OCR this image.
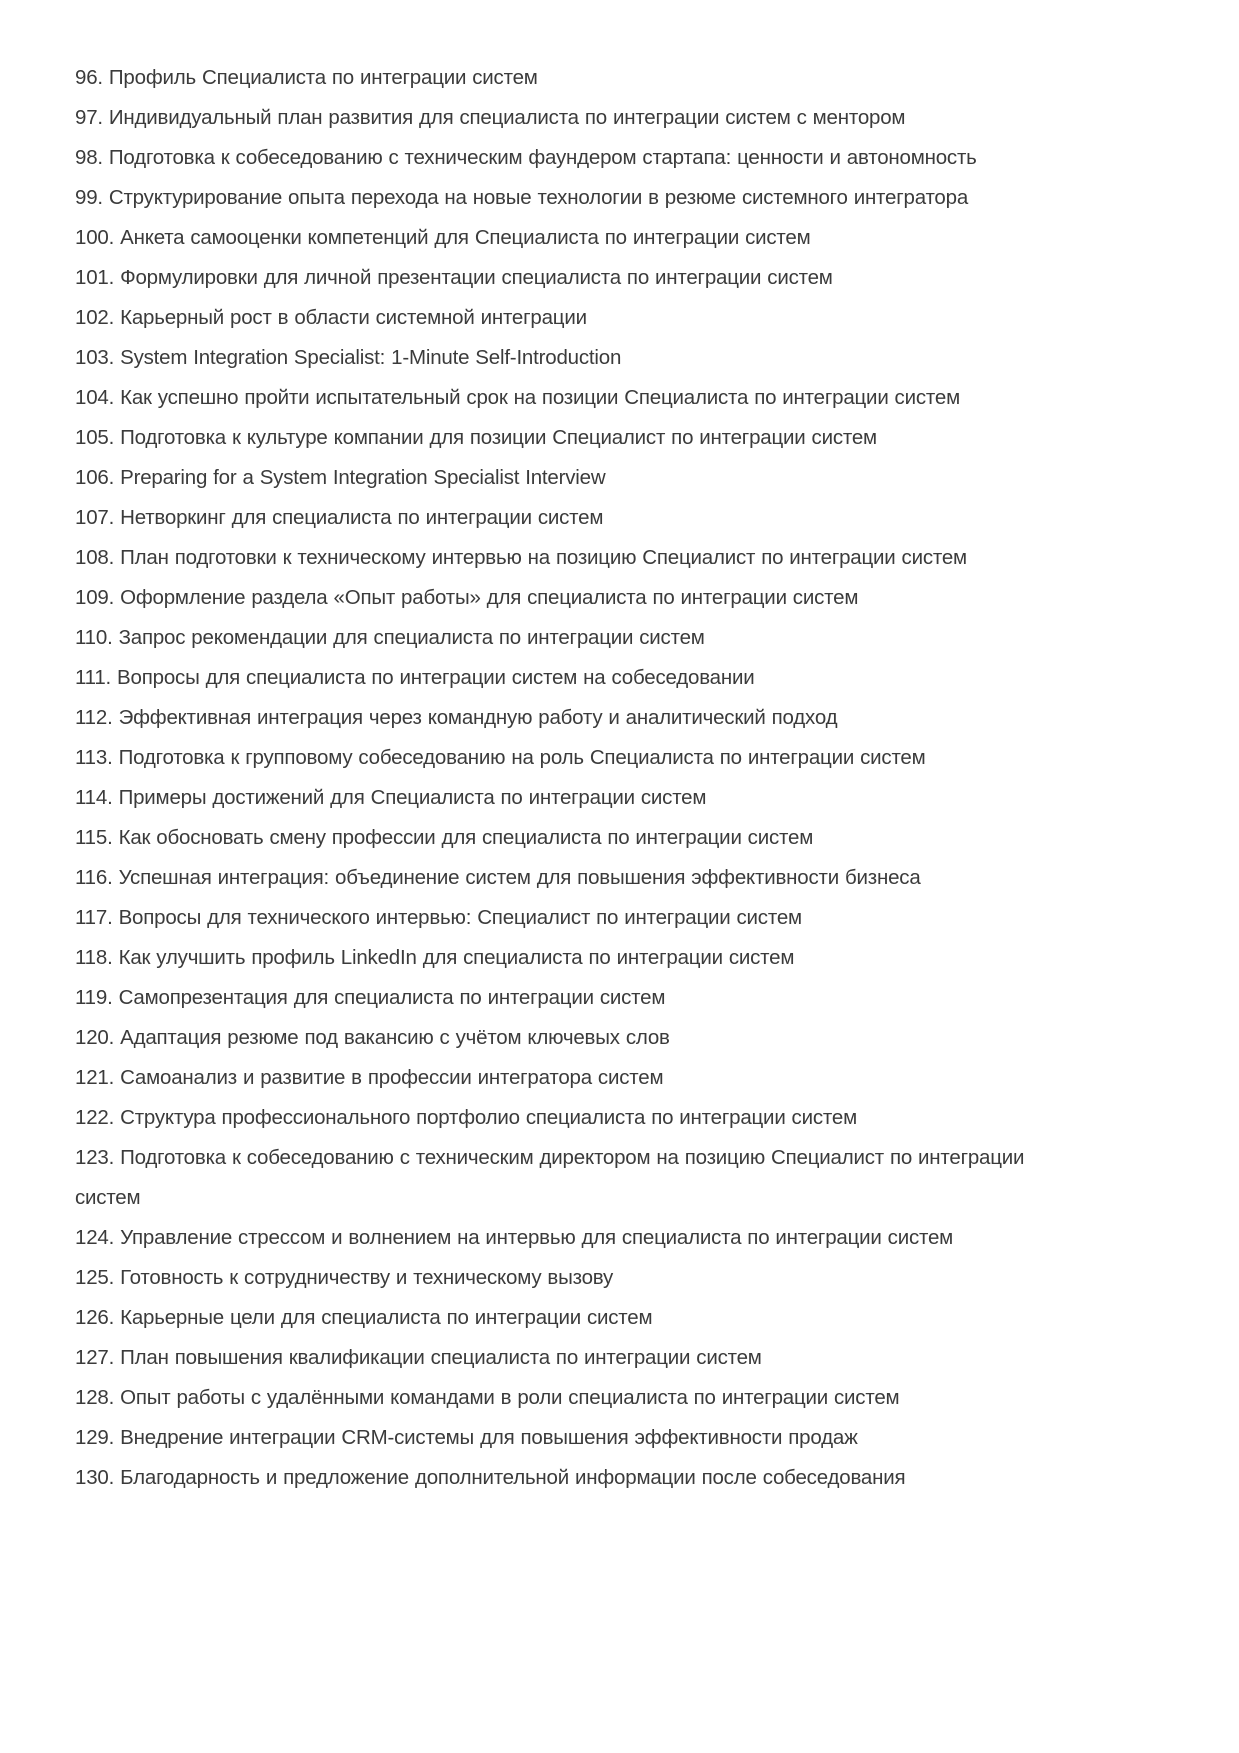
96. Профиль Специалиста по интеграции систем
97. Индивидуальный план развития для специалиста по интеграции систем с ментором
98. Подготовка к собеседованию с техническим фаундером стартапа: ценности и автономность
99. Структурирование опыта перехода на новые технологии в резюме системного интегратора
100. Анкета самооценки компетенций для Специалиста по интеграции систем
101. Формулировки для личной презентации специалиста по интеграции систем
102. Карьерный рост в области системной интеграции
103. System Integration Specialist: 1-Minute Self-Introduction
104. Как успешно пройти испытательный срок на позиции Специалиста по интеграции систем
105. Подготовка к культуре компании для позиции Специалист по интеграции систем
106. Preparing for a System Integration Specialist Interview
107. Нетворкинг для специалиста по интеграции систем
108. План подготовки к техническому интервью на позицию Специалист по интеграции систем
109. Оформление раздела «Опыт работы» для специалиста по интеграции систем
110. Запрос рекомендации для специалиста по интеграции систем
111. Вопросы для специалиста по интеграции систем на собеседовании
112. Эффективная интеграция через командную работу и аналитический подход
113. Подготовка к групповому собеседованию на роль Специалиста по интеграции систем
114. Примеры достижений для Специалиста по интеграции систем
115. Как обосновать смену профессии для специалиста по интеграции систем
116. Успешная интеграция: объединение систем для повышения эффективности бизнеса
117. Вопросы для технического интервью: Специалист по интеграции систем
118. Как улучшить профиль LinkedIn для специалиста по интеграции систем
119. Самопрезентация для специалиста по интеграции систем
120. Адаптация резюме под вакансию с учётом ключевых слов
121. Самоанализ и развитие в профессии интегратора систем
122. Структура профессионального портфолио специалиста по интеграции систем
123. Подготовка к собеседованию с техническим директором на позицию Специалист по интеграции систем
124. Управление стрессом и волнением на интервью для специалиста по интеграции систем
125. Готовность к сотрудничеству и техническому вызову
126. Карьерные цели для специалиста по интеграции систем
127. План повышения квалификации специалиста по интеграции систем
128. Опыт работы с удалёнными командами в роли специалиста по интеграции систем
129. Внедрение интеграции CRM-системы для повышения эффективности продаж
130. Благодарность и предложение дополнительной информации после собеседования
